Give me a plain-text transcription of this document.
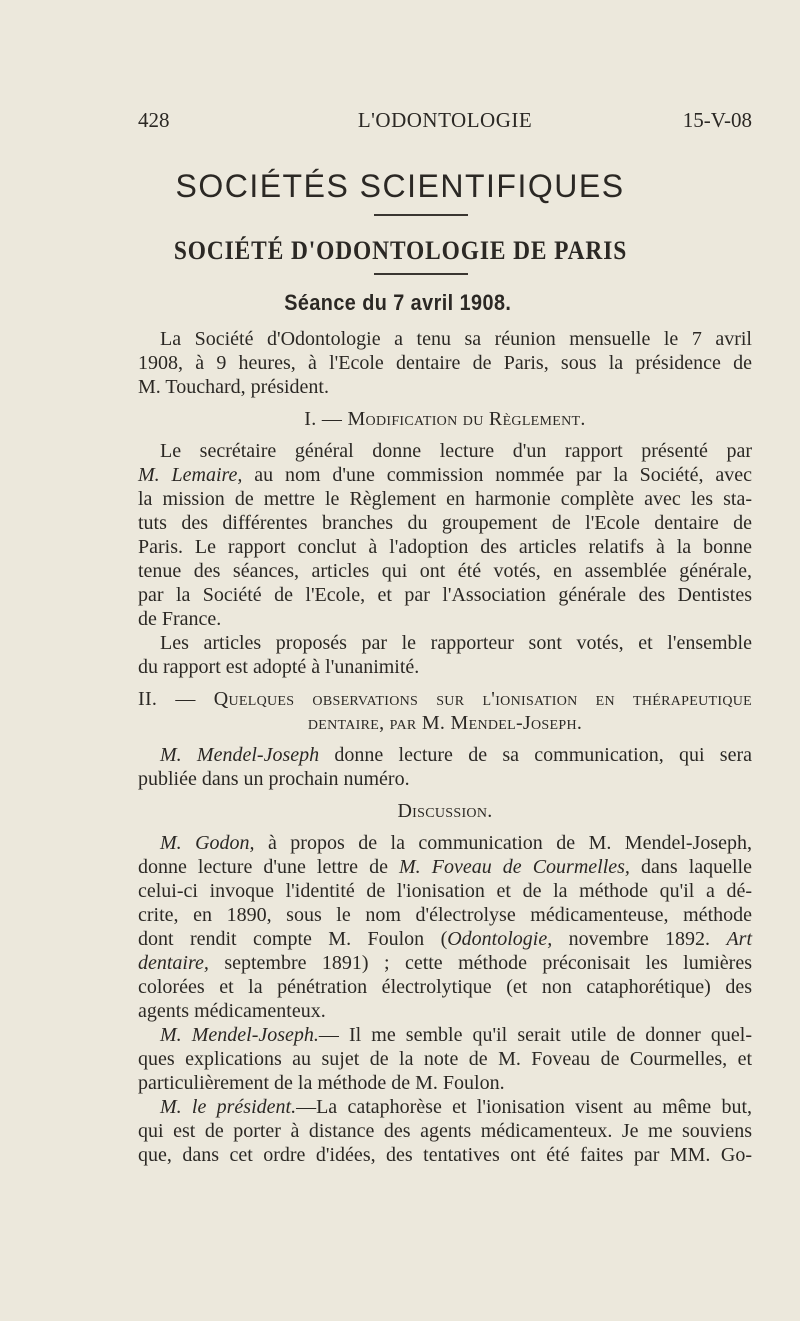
L'ODONTOLOGIE
428	15-V-08
SOCIÉTÉS SCIENTIFIQUES
SOCIÉTÉ D'ODONTOLOGIE DE PARIS
Séance du 7 avril 1908.
La Société d'Odontologie a tenu sa réunion mensuelle le 7 avril
1908, à 9 heures, à l'Ecole dentaire de Paris, sous la présidence de
M. Touchard, président.
I. — Modification du Règlement.
Le secrétaire général donne lecture d'un rapport présenté par
M. Lemaire, au nom d'une commission nommée par la Société, avec
la mission de mettre le Règlement en harmonie complète avec les sta-
tuts des différentes branches du groupement de l'Ecole dentaire de
Paris. Le rapport conclut à l'adoption des articles relatifs à la bonne
tenue des séances, articles qui ont été votés, en assemblée générale,
par la Société de l'Ecole, et par l'Association générale des Dentistes
de France.
Les articles proposés par le rapporteur sont votés, et l'ensemble
du rapport est adopté à l'unanimité.
II. — Quelques observations sur l'ionisation en thérapeutique
dentaire, par M. Mendel-Joseph.
M. Mendel-Joseph donne lecture de sa communication, qui sera
publiée dans un prochain numéro.
Discussion.
M. Godon, à propos de la communication de M. Mendel-Joseph,
donne lecture d'une lettre de M. Foveau de Courmelles, dans laquelle
celui-ci invoque l'identité de l'ionisation et de la méthode qu'il a dé-
crite, en 1890, sous le nom d'électrolyse médicamenteuse, méthode
dont rendit compte M. Foulon (Odontologie, novembre 1892. Art
dentaire, septembre 1891) ; cette méthode préconisait les lumières
colorées et la pénétration électrolytique (et non cataphorétique) des
agents médicamenteux.
M. Mendel-Joseph.— Il me semble qu'il serait utile de donner quel-
ques explications au sujet de la note de M. Foveau de Courmelles, et
particulièrement de la méthode de M. Foulon.
M. le président.—La cataphorèse et l'ionisation visent au même but,
qui est de porter à distance des agents médicamenteux. Je me souviens
que, dans cet ordre d'idées, des tentatives ont été faites par MM. Go-
